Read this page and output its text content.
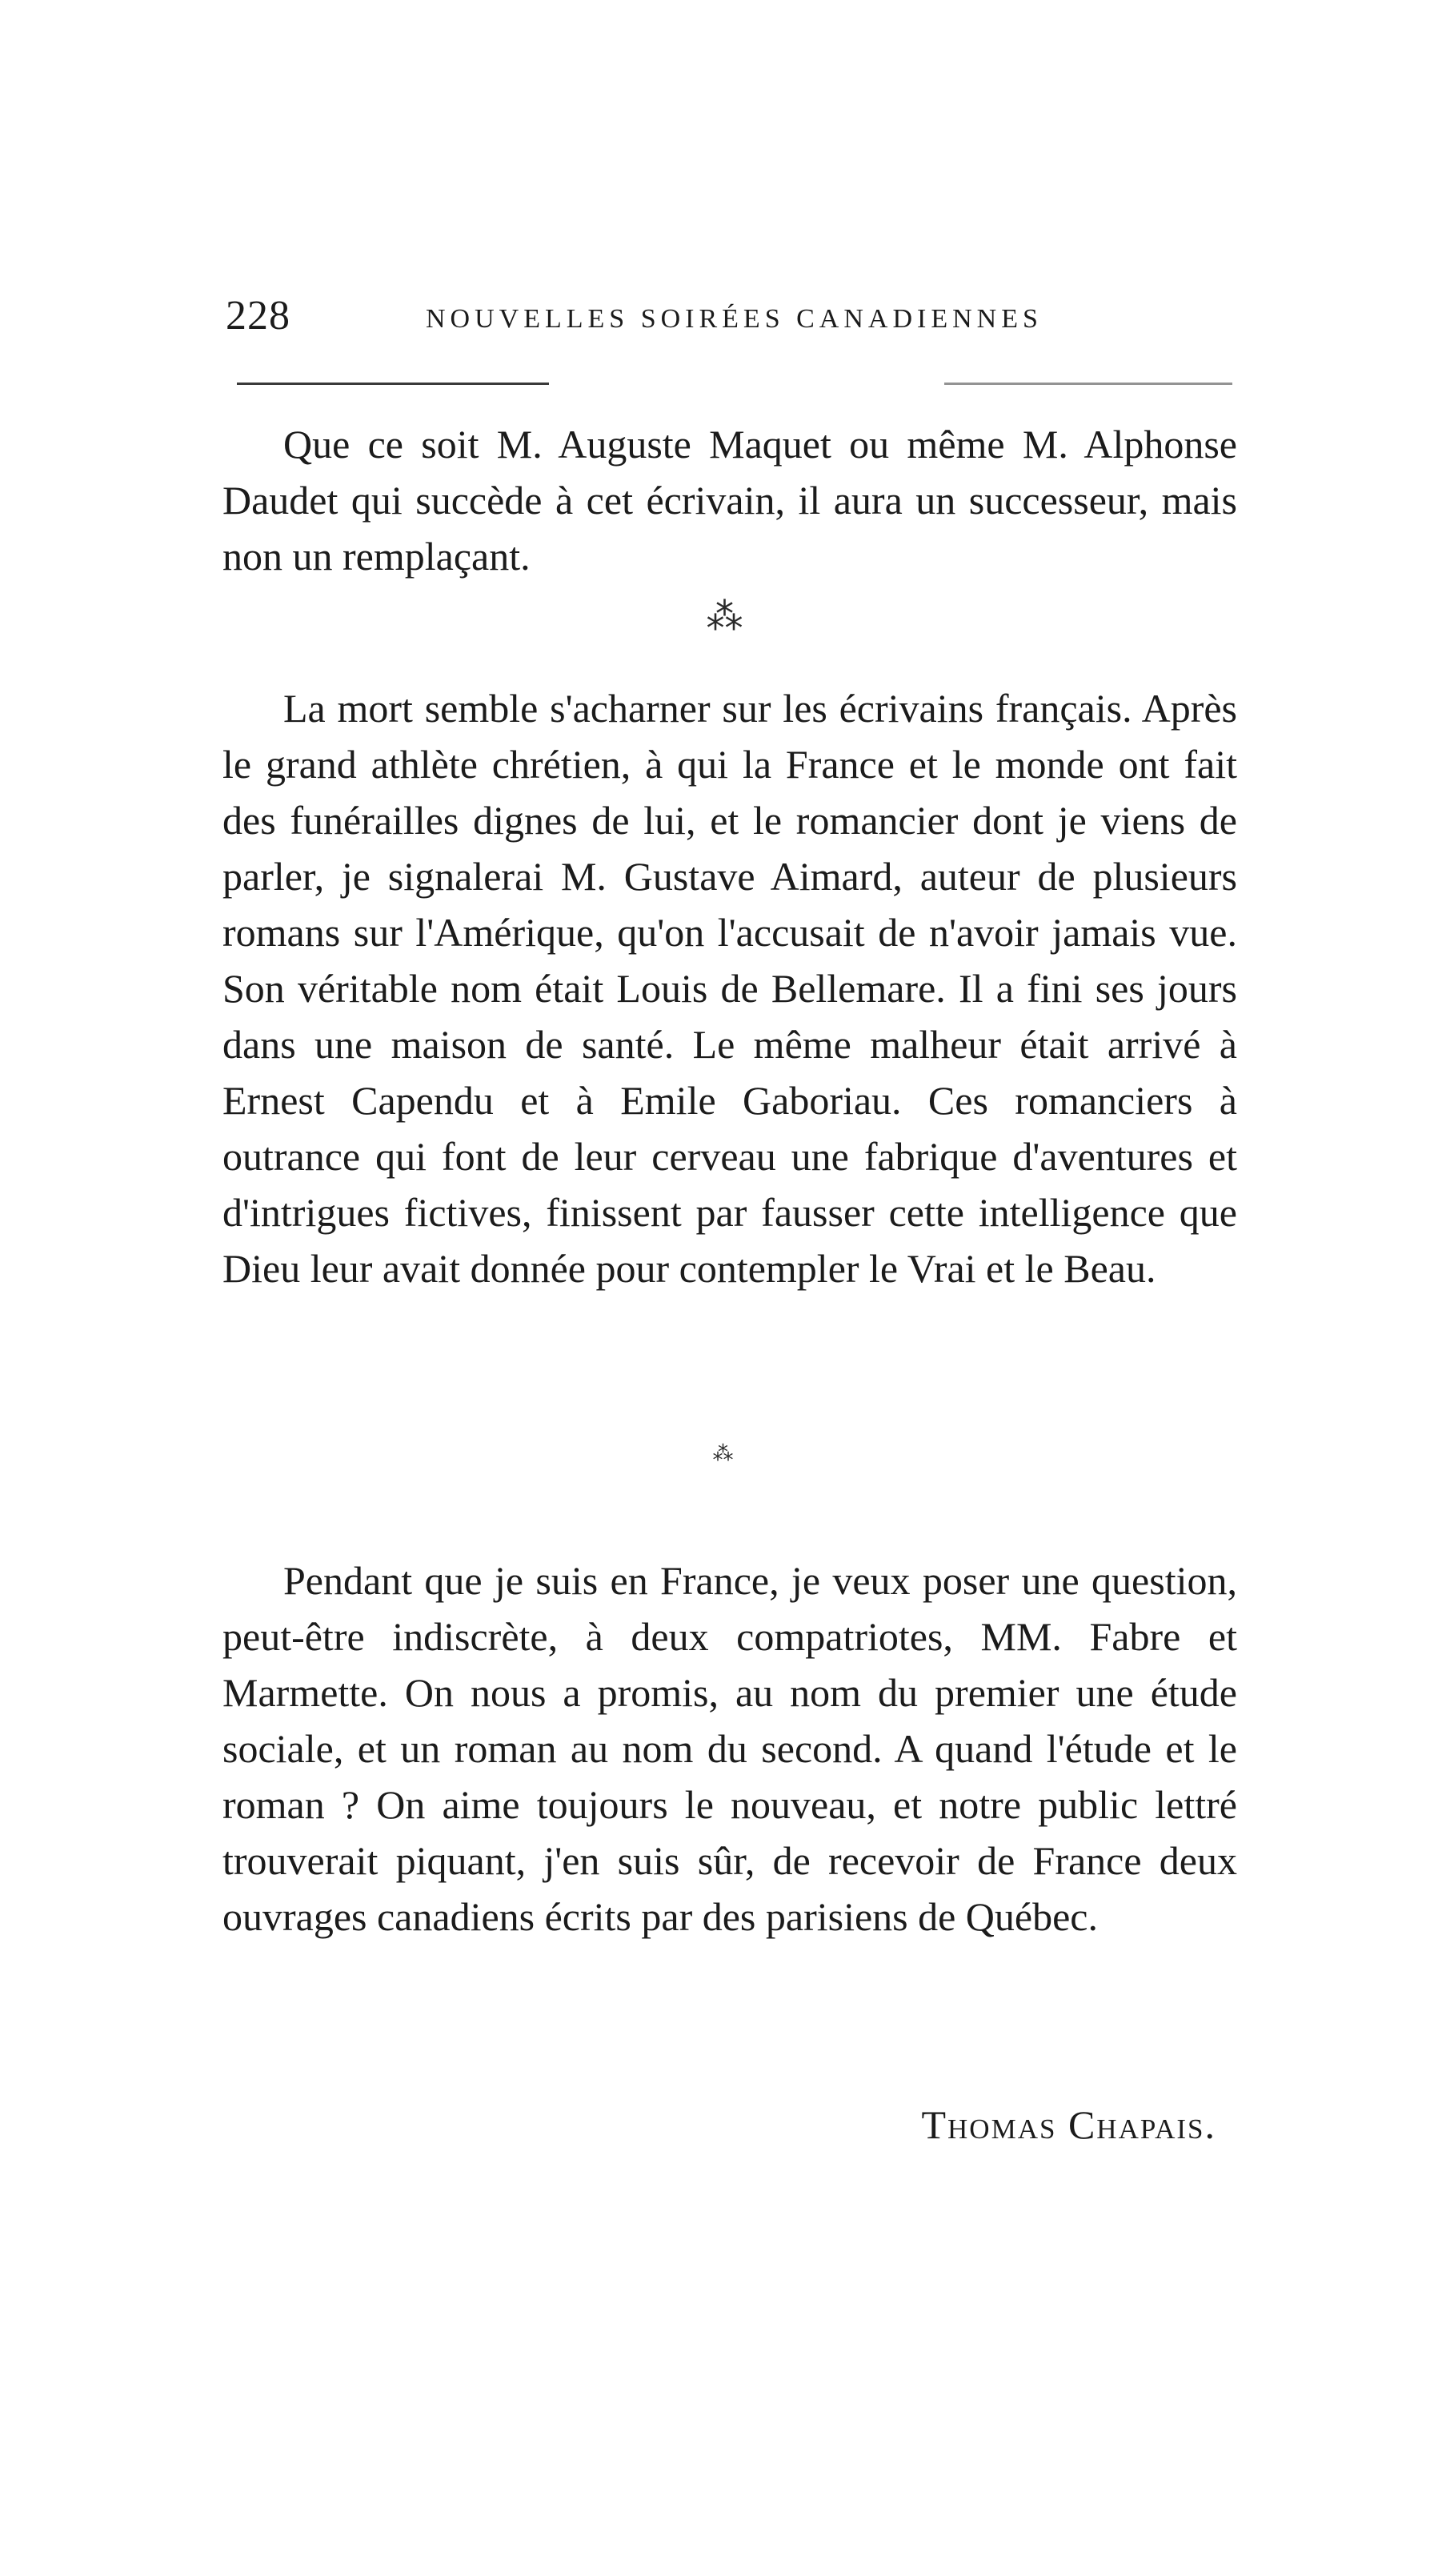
228	NOUVELLES SOIRÉES CANADIENNES

Que ce soit M. Auguste Maquet ou même M. Alphonse Daudet qui succède à cet écrivain, il aura un successeur, mais non un remplaçant.

⁂

La mort semble s'acharner sur les écrivains français. Après le grand athlète chrétien, à qui la France et le monde ont fait des funérailles dignes de lui, et le romancier dont je viens de parler, je signalerai M. Gustave Aimard, auteur de plusieurs romans sur l'Amérique, qu'on l'accusait de n'avoir jamais vue. Son véritable nom était Louis de Bellemare. Il a fini ses jours dans une maison de santé. Le même malheur était arrivé à Ernest Capendu et à Emile Gaboriau. Ces romanciers à outrance qui font de leur cerveau une fabrique d'aventures et d'intrigues fictives, finissent par fausser cette intelligence que Dieu leur avait donnée pour contempler le Vrai et le Beau.

⁂

Pendant que je suis en France, je veux poser une question, peut-être indiscrète, à deux compatriotes, MM. Fabre et Marmette. On nous a promis, au nom du premier une étude sociale, et un roman au nom du second. A quand l'étude et le roman ? On aime toujours le nouveau, et notre public lettré trouverait piquant, j'en suis sûr, de recevoir de France deux ouvrages canadiens écrits par des parisiens de Québec.

Thomas Chapais.
